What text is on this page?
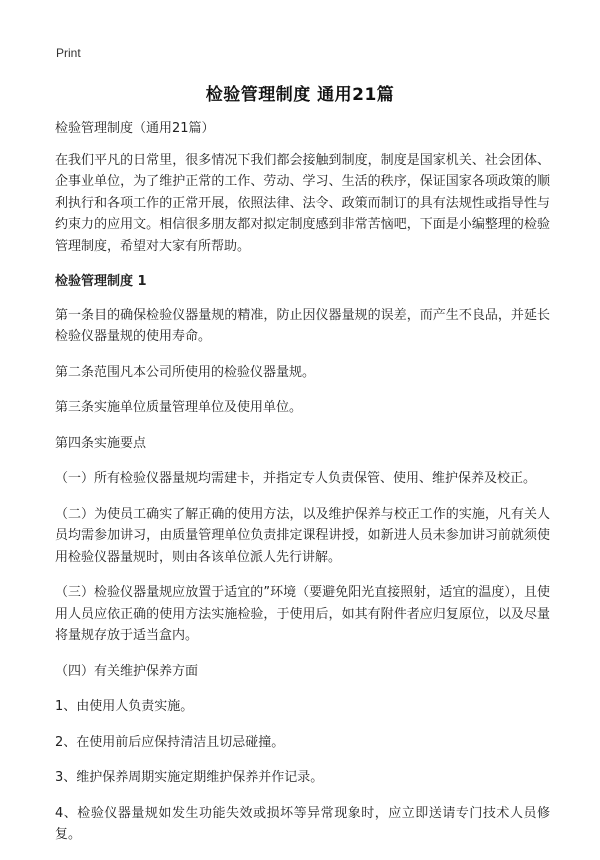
Print
检验管理制度 通用21篇

检验管理制度（通用21篇）

在我们平凡的日常里，很多情况下我们都会接触到制度，制度是国家机关、社会团体、企事业单位，为了维护正常的工作、劳动、学习、生活的秩序，保证国家各项政策的顺利执行和各项工作的正常开展，依照法律、法令、政策而制订的具有法规性或指导性与约束力的应用文。相信很多朋友都对拟定制度感到非常苦恼吧，下面是小编整理的检验管理制度，希望对大家有所帮助。

检验管理制度 1

第一条目的确保检验仪器量规的精准，防止因仪器量规的误差，而产生不良品，并延长检验仪器量规的使用寿命。

第二条范围凡本公司所使用的检验仪器量规。

第三条实施单位质量管理单位及使用单位。

第四条实施要点

（一）所有检验仪器量规均需建卡，并指定专人负责保管、使用、维护保养及校正。

（二）为使员工确实了解正确的使用方法，以及维护保养与校正工作的实施，凡有关人员均需参加讲习，由质量管理单位负责排定课程讲授，如新进人员未参加讲习前就须使用检验仪器量规时，则由各该单位派人先行讲解。

（三）检验仪器量规应放置于适宜的”环境（要避免阳光直接照射，适宜的温度），且使用人员应依正确的使用方法实施检验，于使用后，如其有附件者应归复原位，以及尽量将量规存放于适当盒内。

（四）有关维护保养方面

1、由使用人负责实施。

2、在使用前后应保持清洁且切忌碰撞。

3、维护保养周期实施定期维护保养并作记录。

4、检验仪器量规如发生功能失效或损坏等异常现象时，应立即送请专门技术人员修复。
